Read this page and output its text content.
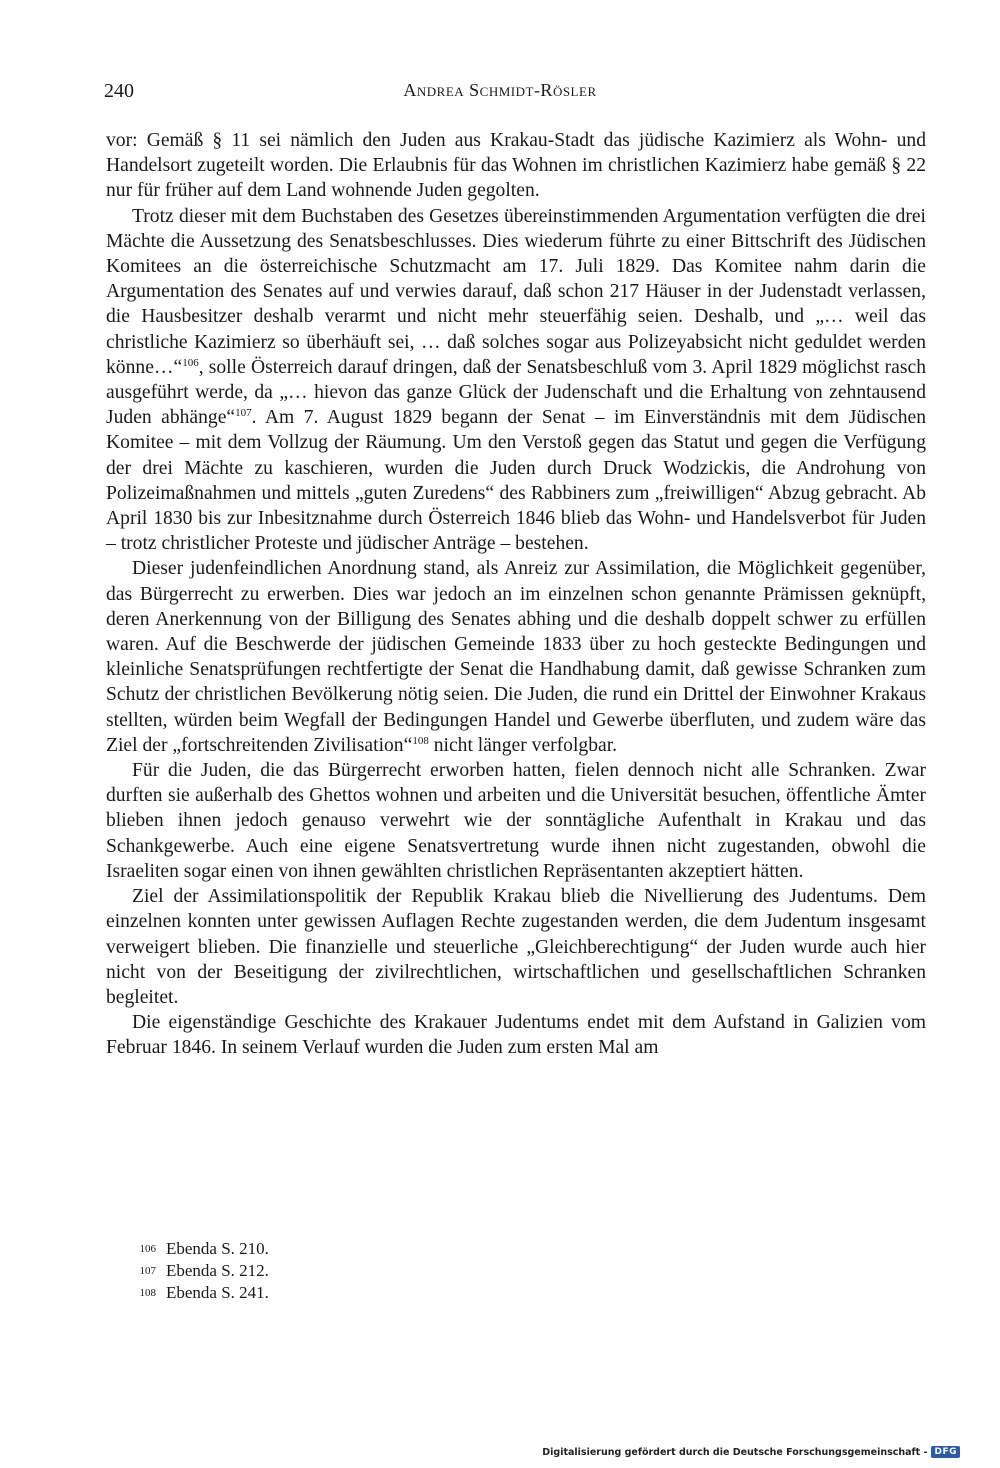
240	Andrea Schmidt-Rösler

vor: Gemäß § 11 sei nämlich den Juden aus Krakau-Stadt das jüdische Kazimierz als Wohn- und Handelsort zugeteilt worden. Die Erlaubnis für das Wohnen im christlichen Kazimierz habe gemäß § 22 nur für früher auf dem Land wohnende Juden gegolten.

Trotz dieser mit dem Buchstaben des Gesetzes übereinstimmenden Argumentation verfügten die drei Mächte die Aussetzung des Senatsbeschlusses. Dies wiederum führte zu einer Bittschrift des Jüdischen Komitees an die österreichische Schutzmacht am 17. Juli 1829. Das Komitee nahm darin die Argumentation des Senates auf und verwies darauf, daß schon 217 Häuser in der Judenstadt verlassen, die Hausbesitzer deshalb verarmt und nicht mehr steuerfähig seien. Deshalb, und „… weil das christliche Kazimierz so überhäuft sei, … daß solches sogar aus Polizeyabsicht nicht geduldet werden könne…“$^{106}$, solle Österreich darauf dringen, daß der Senatsbeschluß vom 3. April 1829 möglichst rasch ausgeführt werde, da „… hievon das ganze Glück der Judenschaft und die Erhaltung von zehntausend Juden abhänge“$^{107}$. Am 7. August 1829 begann der Senat – im Einverständnis mit dem Jüdischen Komitee – mit dem Vollzug der Räumung. Um den Verstoß gegen das Statut und gegen die Verfügung der drei Mächte zu kaschieren, wurden die Juden durch Druck Wodzickis, die Androhung von Polizeimaßnahmen und mittels „guten Zuredens“ des Rabbiners zum „freiwilligen“ Abzug gebracht. Ab April 1830 bis zur Inbesitznahme durch Österreich 1846 blieb das Wohn- und Handelsverbot für Juden – trotz christlicher Proteste und jüdischer Anträge – bestehen.

Dieser judenfeindlichen Anordnung stand, als Anreiz zur Assimilation, die Möglichkeit gegenüber, das Bürgerrecht zu erwerben. Dies war jedoch an im einzelnen schon genannte Prämissen geknüpft, deren Anerkennung von der Billigung des Senates abhing und die deshalb doppelt schwer zu erfüllen waren. Auf die Beschwerde der jüdischen Gemeinde 1833 über zu hoch gesteckte Bedingungen und kleinliche Senatsprüfungen rechtfertigte der Senat die Handhabung damit, daß gewisse Schranken zum Schutz der christlichen Bevölkerung nötig seien. Die Juden, die rund ein Drittel der Einwohner Krakaus stellten, würden beim Wegfall der Bedingungen Handel und Gewerbe überfluten, und zudem wäre das Ziel der „fortschreitenden Zivilisation“$^{108}$ nicht länger verfolgbar.

Für die Juden, die das Bürgerrecht erworben hatten, fielen dennoch nicht alle Schranken. Zwar durften sie außerhalb des Ghettos wohnen und arbeiten und die Universität besuchen, öffentliche Ämter blieben ihnen jedoch genauso verwehrt wie der sonntägliche Aufenthalt in Krakau und das Schankgewerbe. Auch eine eigene Senatsvertretung wurde ihnen nicht zugestanden, obwohl die Israeliten sogar einen von ihnen gewählten christlichen Repräsentanten akzeptiert hätten.

Ziel der Assimilationspolitik der Republik Krakau blieb die Nivellierung des Judentums. Dem einzelnen konnten unter gewissen Auflagen Rechte zugestanden werden, die dem Judentum insgesamt verweigert blieben. Die finanzielle und steuerliche „Gleichberechtigung“ der Juden wurde auch hier nicht von der Beseitigung der zivilrechtlichen, wirtschaftlichen und gesellschaftlichen Schranken begleitet.

Die eigenständige Geschichte des Krakauer Judentums endet mit dem Aufstand in Galizien vom Februar 1846. In seinem Verlauf wurden die Juden zum ersten Mal am

106 Ebenda S. 210.
107 Ebenda S. 212.
108 Ebenda S. 241.
Digitalisierung gefördert durch die Deutsche Forschungsgemeinschaft - DFG
